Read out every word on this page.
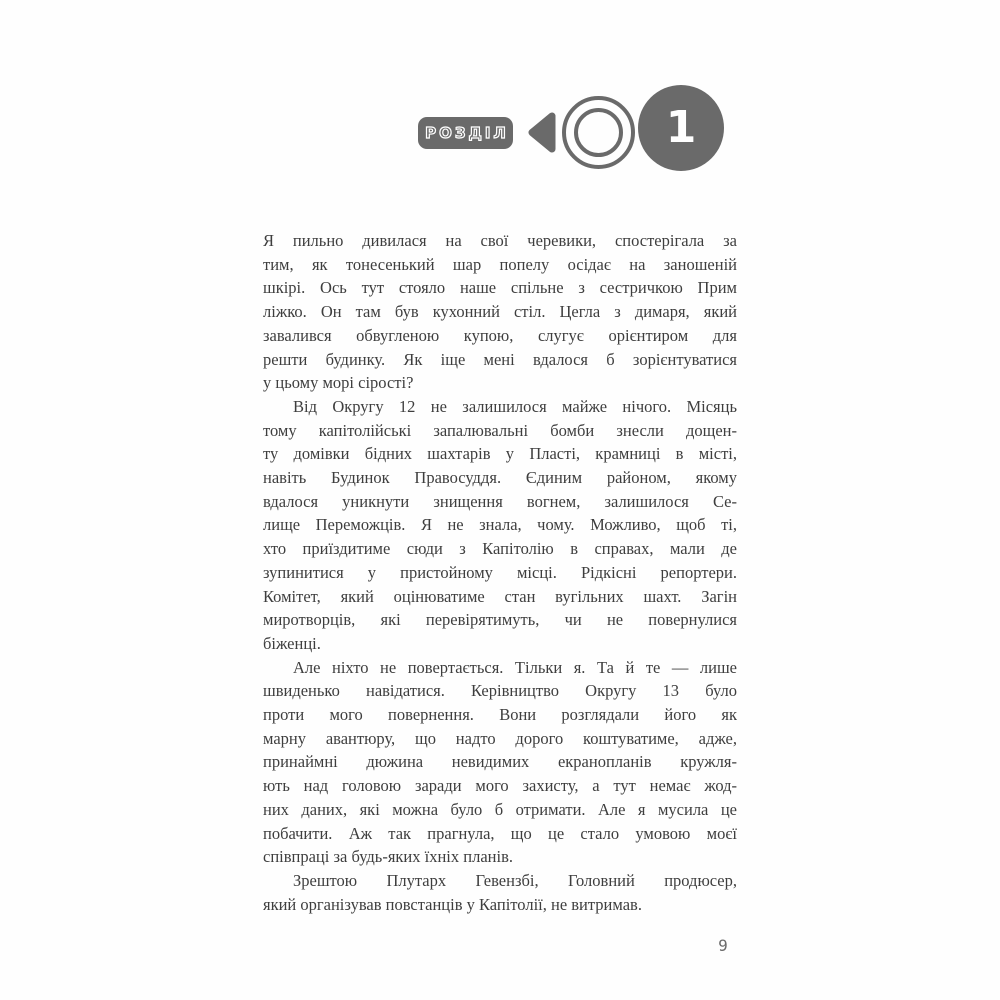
РОЗДІЛ	1
Я пильно дивилася на свої черевики, спостерігала за
тим, як тонесенький шар попелу осідає на заношеній
шкірі. Ось тут стояло наше спільне з сестричкою Прим
ліжко. Он там був кухонний стіл. Цегла з димаря, який
завалився обвугленою купою, слугує орієнтиром для
решти будинку. Як іще мені вдалося б зорієнтуватися
у цьому морі сірості?
Від Округу 12 не залишилося майже нічого. Місяць
тому капітолійські запалювальні бомби знесли дощен-
ту домівки бідних шахтарів у Пласті, крамниці в місті,
навіть Будинок Правосуддя. Єдиним районом, якому
вдалося уникнути знищення вогнем, залишилося Се-
лище Переможців. Я не знала, чому. Можливо, щоб ті,
хто приїздитиме сюди з Капітолію в справах, мали де
зупинитися у пристойному місці. Рідкісні репортери.
Комітет, який оцінюватиме стан вугільних шахт. Загін
миротворців, які перевірятимуть, чи не повернулися
біженці.
Але ніхто не повертається. Тільки я. Та й те — лише
швиденько навідатися. Керівництво Округу 13 було
проти мого повернення. Вони розглядали його як
марну авантюру, що надто дорого коштуватиме, адже,
принаймні дюжина невидимих екранопланів кружля-
ють над головою заради мого захисту, а тут немає жод-
них даних, які можна було б отримати. Але я мусила це
побачити. Аж так прагнула, що це стало умовою моєї
співпраці за будь-яких їхніх планів.
Зрештою Плутарх Гевензбі, Головний продюсер,
який організував повстанців у Капітолії, не витримав.
9
